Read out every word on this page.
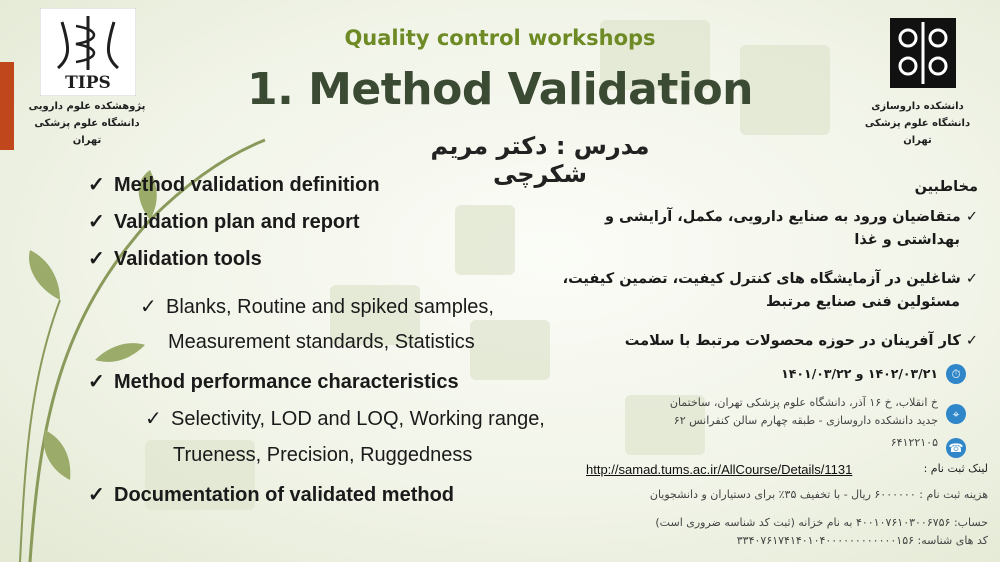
TIPS
پژوهشکده علوم دارویی
دانشگاه علوم پزشکی تهران
دانشکده داروسازی
دانشگاه علوم پزشکی تهران
Quality control workshops
1. Method Validation
مدرس : دکتر مریم شکرچی
✓ Method validation definition
✓ Validation plan and report
✓ Validation tools
✓ Blanks, Routine and spiked samples,
Measurement standards, Statistics
✓ Method performance characteristics
✓ Selectivity, LOD and LOQ, Working range,
Trueness, Precision, Ruggedness
✓ Documentation of validated method
مخاطبین
✓ متقاضیان ورود به صنایع دارویی، مکمل، آرایشی و
بهداشتی و غذا
✓ شاغلین در آزمایشگاه های کنترل کیفیت، تضمین کیفیت،
مسئولین فنی صنایع مرتبط
✓ کار آفرینان در حوزه محصولات مرتبط با سلامت
⏱
۱۴۰۲/۰۳/۲۱ و ۱۴۰۱/۰۳/۲۲
⌖
خ انقلاب، خ ۱۶ آذر، دانشگاه علوم پزشکی تهران، ساختمان
جدید دانشکده داروسازی - طبقه چهارم سالن کنفرانس ۶۲
☎
۶۴۱۲۲۱۰۵
لینک ثبت نام :
http://samad.tums.ac.ir/AllCourse/Details/1131
هزینه ثبت نام : ۶۰۰۰۰۰۰ ریال - با تخفیف ۳۵٪ برای دستیاران و دانشجویان
حساب: ۴۰۰۱۰۷۶۱۰۳۰۰۶۷۵۶ به نام خزانه (ثبت کد شناسه ضروری است)
کد های شناسه: ۳۳۴۰۷۶۱۷۴۱۴۰۱۰۴۰۰۰۰۰۰۰۰۰۰۰۰۱۵۶
